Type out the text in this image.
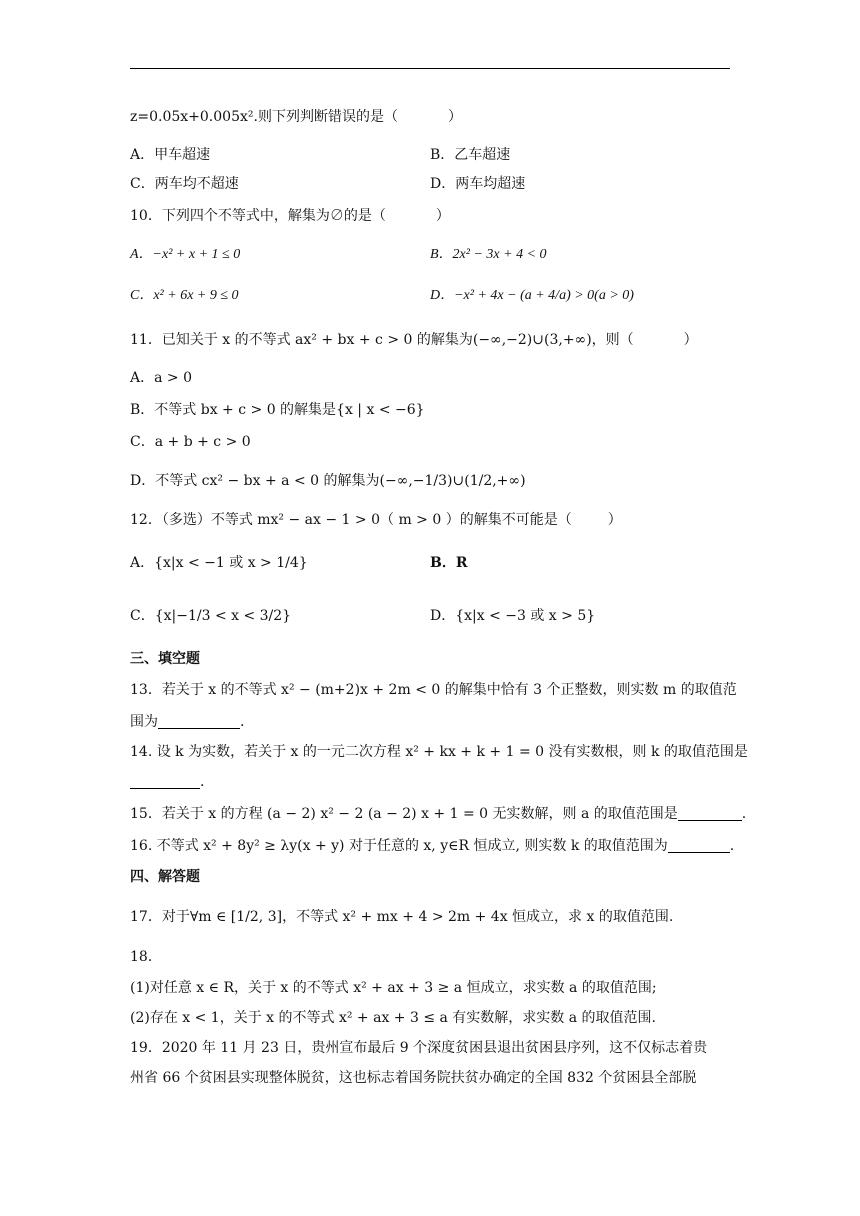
z=0.05x+0.005x².则下列判断错误的是（	）
A．甲车超速	B．乙车超速
C．两车均不超速	D．两车均超速
10．下列四个不等式中，解集为∅的是（	）
A．−x² + x + 1 ≤ 0	B．2x² − 3x + 4 < 0
C．x² + 6x + 9 ≤ 0	D．−x² + 4x − (a + 4/a) > 0(a > 0)
11．已知关于 x 的不等式 ax² + bx + c > 0 的解集为(−∞,−2)∪(3,+∞)，则（	）
A．a > 0
B．不等式 bx + c > 0 的解集是{x | x < −6}
C．a + b + c > 0
D．不等式 cx² − bx + a < 0 的解集为(−∞,−1/3)∪(1/2,+∞)
12．（多选）不等式 mx² − ax − 1 > 0（ m > 0 ）的解集不可能是（	）
A．{x|x < −1 或 x > 1/4}	B．R
C．{x|−1/3 < x < 3/2}	D．{x|x < −3 或 x > 5}
三、填空题
13．若关于 x 的不等式 x² − (m+2)x + 2m < 0 的解集中恰有 3 个正整数，则实数 m 的取值范
围为	.
14. 设 k 为实数，若关于 x 的一元二次方程 x² + kx + k + 1 = 0 没有实数根，则 k 的取值范围是
.
15．若关于 x 的方程 (a − 2) x² − 2 (a − 2) x + 1 = 0 无实数解，则 a 的取值范围是	.
16. 不等式 x² + 8y² ≥ λy(x + y) 对于任意的 x, y∈R 恒成立, 则实数 k 的取值范围为	.
四、解答题
17．对于∀m ∈ [1/2, 3]，不等式 x² + mx + 4 > 2m + 4x 恒成立，求 x 的取值范围.
18．
(1)对任意 x ∈ R，关于 x 的不等式 x² + ax + 3 ≥ a 恒成立，求实数 a 的取值范围;
(2)存在 x < 1，关于 x 的不等式 x² + ax + 3 ≤ a 有实数解，求实数 a 的取值范围.
19．2020 年 11 月 23 日，贵州宣布最后 9 个深度贫困县退出贫困县序列，这不仅标志着贵
州省 66 个贫困县实现整体脱贫，这也标志着国务院扶贫办确定的全国 832 个贫困县全部脱
